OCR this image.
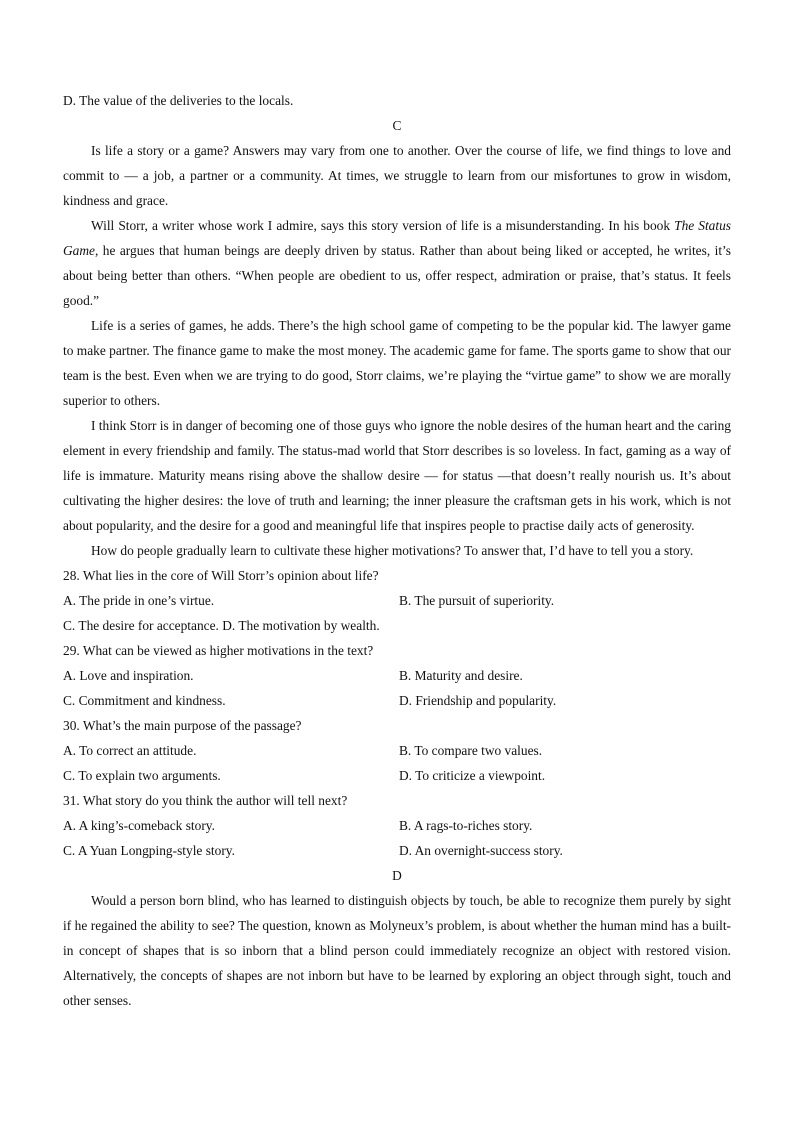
D. The value of the deliveries to the locals.
C

Is life a story or a game? Answers may vary from one to another. Over the course of life, we find things to love and commit to — a job, a partner or a community. At times, we struggle to learn from our misfortunes to grow in wisdom, kindness and grace.

Will Storr, a writer whose work I admire, says this story version of life is a misunderstanding. In his book The Status Game, he argues that human beings are deeply driven by status. Rather than about being liked or accepted, he writes, it’s about being better than others. “When people are obedient to us, offer respect, admiration or praise, that’s status. It feels good.”

Life is a series of games, he adds. There’s the high school game of competing to be the popular kid. The lawyer game to make partner. The finance game to make the most money. The academic game for fame. The sports game to show that our team is the best. Even when we are trying to do good, Storr claims, we’re playing the “virtue game” to show we are morally superior to others.

I think Storr is in danger of becoming one of those guys who ignore the noble desires of the human heart and the caring element in every friendship and family. The status-mad world that Storr describes is so loveless. In fact, gaming as a way of life is immature. Maturity means rising above the shallow desire — for status —that doesn’t really nourish us. It’s about cultivating the higher desires: the love of truth and learning; the inner pleasure the craftsman gets in his work, which is not about popularity, and the desire for a good and meaningful life that inspires people to practise daily acts of generosity.

How do people gradually learn to cultivate these higher motivations? To answer that, I’d have to tell you a story.

28. What lies in the core of Will Storr’s opinion about life?
A. The pride in one’s virtue.	B. The pursuit of superiority.
C. The desire for acceptance. D. The motivation by wealth.
29. What can be viewed as higher motivations in the text?
A. Love and inspiration.	B. Maturity and desire.
C. Commitment and kindness.	D. Friendship and popularity.
30. What’s the main purpose of the passage?
A. To correct an attitude.	B. To compare two values.
C. To explain two arguments.	D. To criticize a viewpoint.
31. What story do you think the author will tell next?
A. A king’s-comeback story.	B. A rags-to-riches story.
C. A Yuan Longping-style story.	D. An overnight-success story.
D

Would a person born blind, who has learned to distinguish objects by touch, be able to recognize them purely by sight if he regained the ability to see? The question, known as Molyneux’s problem, is about whether the human mind has a built-in concept of shapes that is so inborn that a blind person could immediately recognize an object with restored vision. Alternatively, the concepts of shapes are not inborn but have to be learned by exploring an object through sight, touch and other senses.
